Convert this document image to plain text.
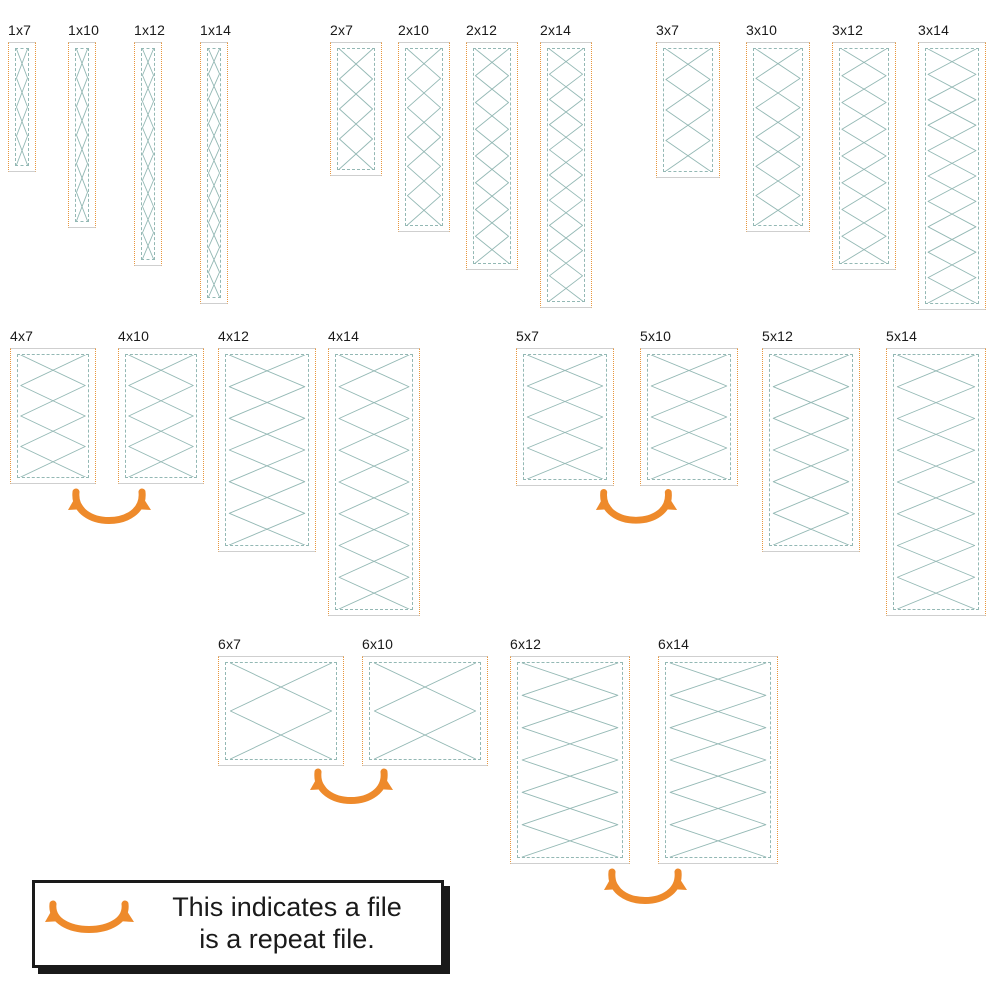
1x7	1x10 1x12 1x14	2x7	2x10	2x12	2x14	3x7	3x10	3x12	3x14
4x7	4x10	4x12	4x14	5x7	5x10	5x12	5x14
6x7	6x10	6x12	6x14
This indicates a file
is a repeat file.
